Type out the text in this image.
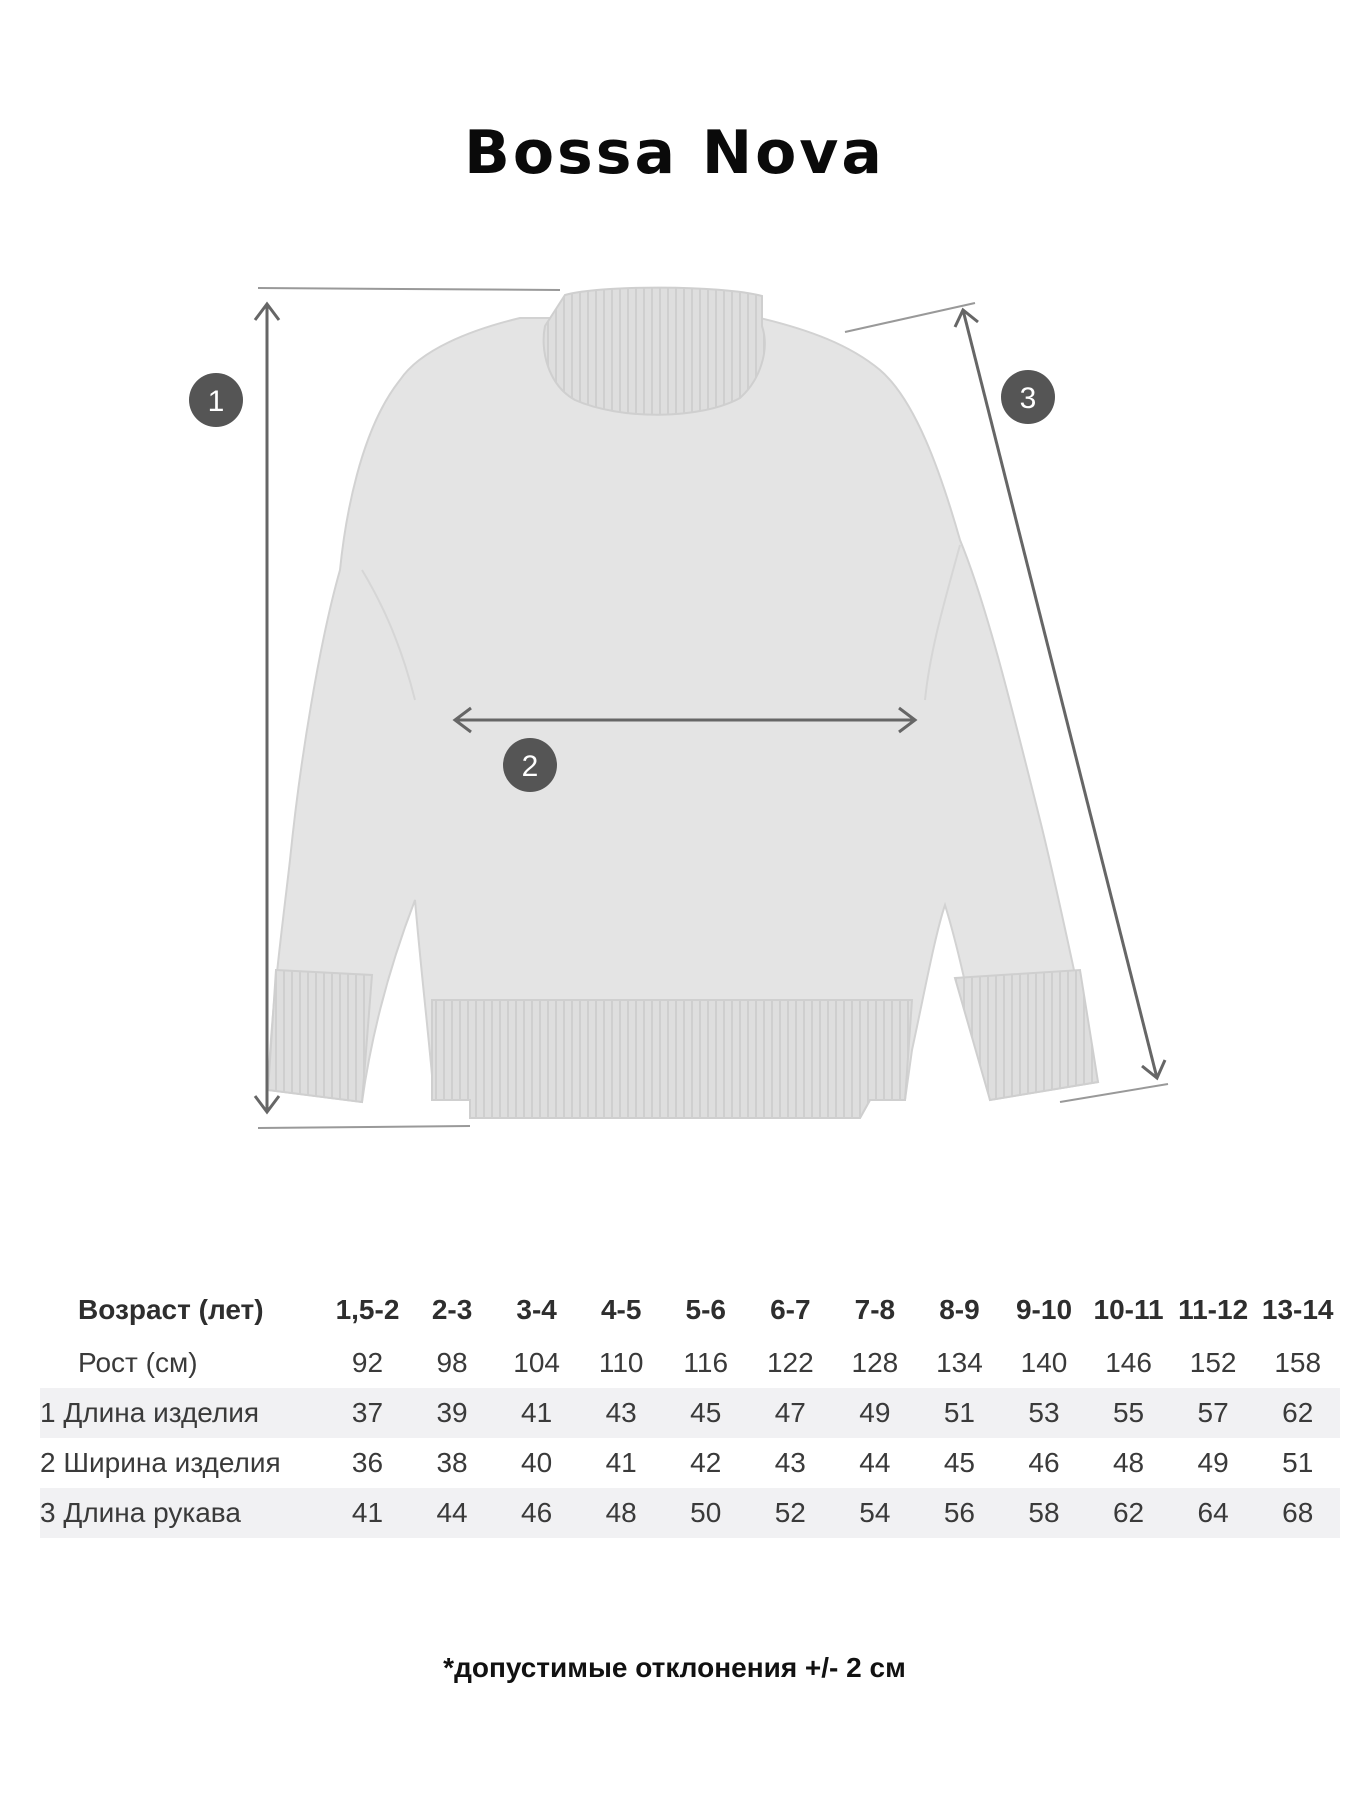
Bossa Nova
1
2
3
Возраст (лет)	1,5-2	2-3	3-4	4-5	5-6	6-7	7-8	8-9	9-10	10-11	11-12	13-14
Рост (см)	92	98	104	110	116	122	128	134	140	146	152	158
1 Длина изделия	37	39	41	43	45	47	49	51	53	55	57	62
2 Ширина изделия	36	38	40	41	42	43	44	45	46	48	49	51
3 Длина рукава	41	44	46	48	50	52	54	56	58	62	64	68

*допустимые отклонения +/- 2 см
